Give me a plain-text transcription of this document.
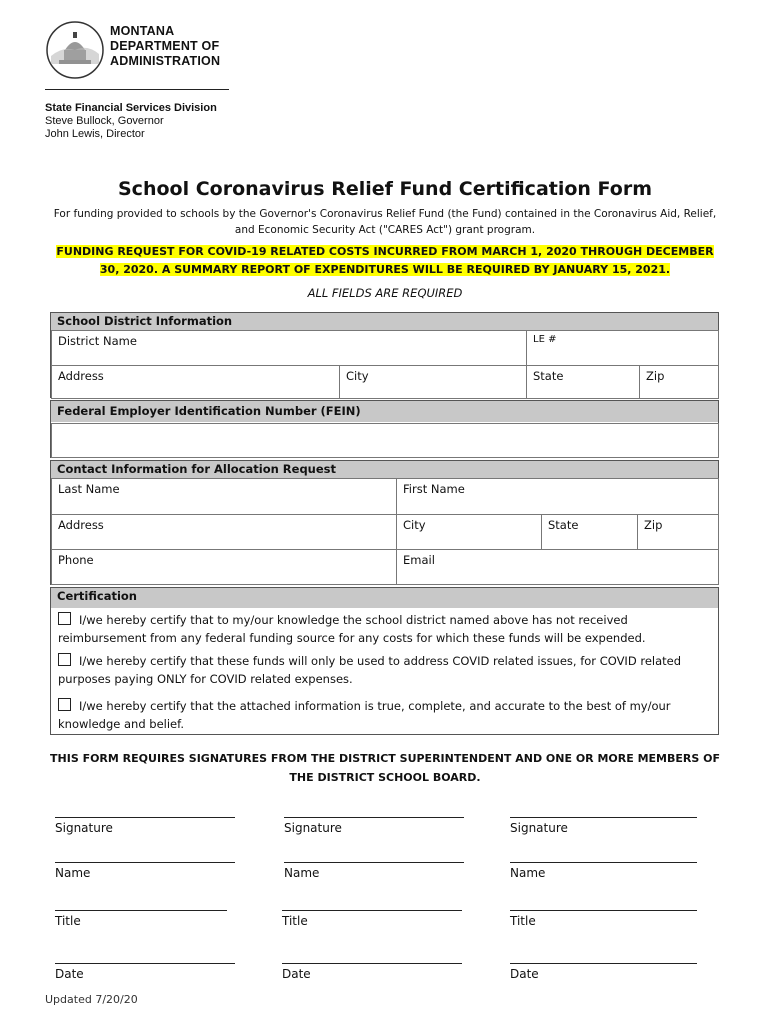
MONTANA
DEPARTMENT OF
ADMINISTRATION
State Financial Services Division
Steve Bullock, Governor
John Lewis, Director
School Coronavirus Relief Fund Certification Form
For funding provided to schools by the Governor's Coronavirus Relief Fund (the Fund) contained in the Coronavirus Aid, Relief, and Economic Security Act ("CARES Act") grant program.
FUNDING REQUEST FOR COVID-19 RELATED COSTS INCURRED FROM MARCH 1, 2020 THROUGH DECEMBER 30, 2020. A SUMMARY REPORT OF EXPENDITURES WILL BE REQUIRED BY JANUARY 15, 2021.
ALL FIELDS ARE REQUIRED
School District Information
District Name	LE #
Address	City	State	Zip
Federal Employer Identification Number (FEIN)
Contact Information for Allocation Request
Last Name	First Name
Address	City	State	Zip
Phone	Email
Certification
I/we hereby certify that to my/our knowledge the school district named above has not received reimbursement from any federal funding source for any costs for which these funds will be expended.
I/we hereby certify that these funds will only be used to address COVID related issues, for COVID related purposes paying ONLY for COVID related expenses.
I/we hereby certify that the attached information is true, complete, and accurate to the best of my/our knowledge and belief.
THIS FORM REQUIRES SIGNATURES FROM THE DISTRICT SUPERINTENDENT AND ONE OR MORE MEMBERS OF THE DISTRICT SCHOOL BOARD.
Signature
Name
Title
Date
Signature
Name
Title
Date
Signature
Name
Title
Date
Updated 7/20/20
